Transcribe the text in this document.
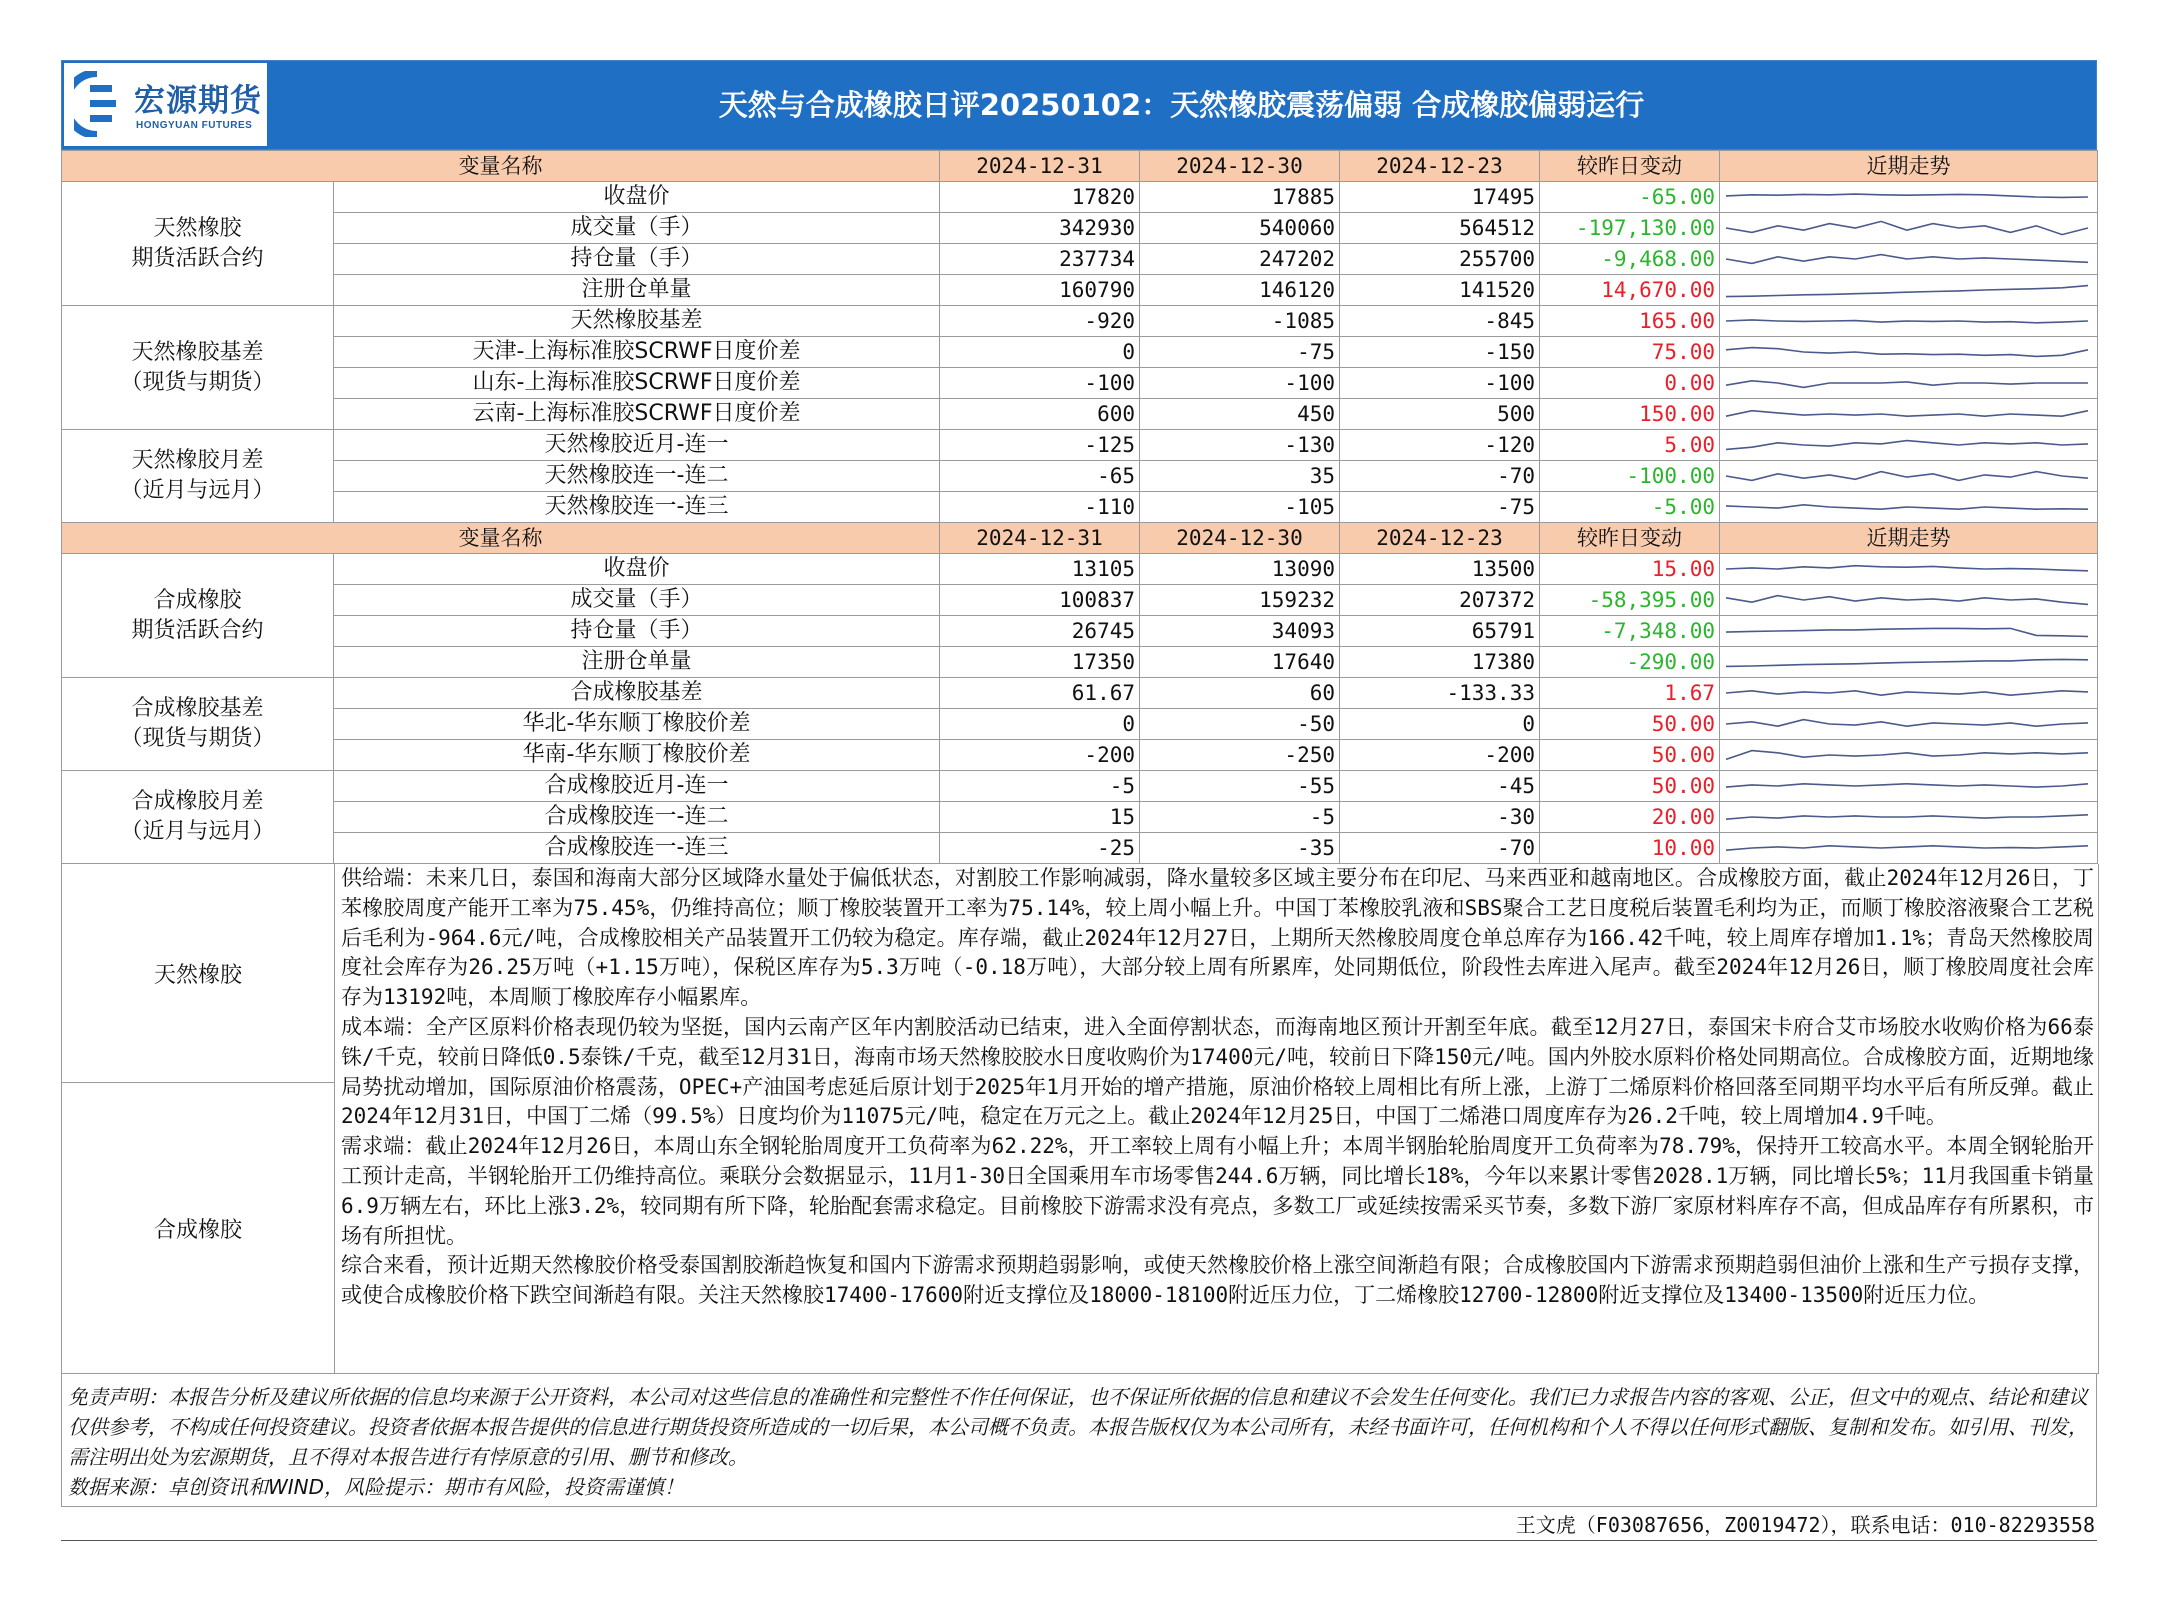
宏源期货
HONGYUAN FUTURES
天然与合成橡胶日评20250102：天然橡胶震荡偏弱 合成橡胶偏弱运行
变量名称		2024-12-31	2024-12-30	2024-12-23	较昨日变动	近期走势
天然橡胶
期货活跃合约	收盘价	17820	17885	17495	-65.00	

	成交量（手）	342930	540060	564512	-197,130.00	

	持仓量（手）	237734	247202	255700	-9,468.00	

	注册仓单量	160790	146120	141520	14,670.00	

天然橡胶基差
（现货与期货）	天然橡胶基差	-920	-1085	-845	165.00	

	天津-上海标准胶SCRWF日度价差	0	-75	-150	75.00	

	山东-上海标准胶SCRWF日度价差	-100	-100	-100	0.00	

	云南-上海标准胶SCRWF日度价差	600	450	500	150.00	

天然橡胶月差
（近月与远月）	天然橡胶近月-连一	-125	-130	-120	5.00	

	天然橡胶连一-连二	-65	35	-70	-100.00	

	天然橡胶连一-连三	-110	-105	-75	-5.00	

变量名称		2024-12-31	2024-12-30	2024-12-23	较昨日变动	近期走势
合成橡胶
期货活跃合约	收盘价	13105	13090	13500	15.00	

	成交量（手）	100837	159232	207372	-58,395.00	

	持仓量（手）	26745	34093	65791	-7,348.00	

	注册仓单量	17350	17640	17380	-290.00	

合成橡胶基差
（现货与期货）	合成橡胶基差	61.67	60	-133.33	1.67	

	华北-华东顺丁橡胶价差	0	-50	0	50.00	

	华南-华东顺丁橡胶价差	-200	-250	-200	50.00	

合成橡胶月差
（近月与远月）	合成橡胶近月-连一	-5	-55	-45	50.00	

	合成橡胶连一-连二	15	-5	-30	20.00	

	合成橡胶连一-连三	-25	-35	-70	10.00	
天然橡胶
合成橡胶

供给端：未来几日，泰国和海南大部分区域降水量处于偏低状态，对割胶工作影响减弱，降水量较多区域主要分布在印尼、马来西亚和越南地区。合成橡胶方面，截止2024年12月26日，丁苯橡胶周度产能开工率为75.45%，仍维持高位；顺丁橡胶装置开工率为75.14%，较上周小幅上升。中国丁苯橡胶乳液和SBS聚合工艺日度税后装置毛利均为正，而顺丁橡胶溶液聚合工艺税后毛利为-964.6元/吨，合成橡胶相关产品装置开工仍较为稳定。库存端，截止2024年12月27日，上期所天然橡胶周度仓单总库存为166.42千吨，较上周库存增加1.1%；青岛天然橡胶周度社会库存为26.25万吨（+1.15万吨），保税区库存为5.3万吨（-0.18万吨），大部分较上周有所累库，处同期低位，阶段性去库进入尾声。截至2024年12月26日，顺丁橡胶周度社会库存为13192吨，本周顺丁橡胶库存小幅累库。

成本端：全产区原料价格表现仍较为坚挺，国内云南产区年内割胶活动已结束，进入全面停割状态，而海南地区预计开割至年底。截至12月27日，泰国宋卡府合艾市场胶水收购价格为66泰铢/千克，较前日降低0.5泰铢/千克，截至12月31日，海南市场天然橡胶胶水日度收购价为17400元/吨，较前日下降150元/吨。国内外胶水原料价格处同期高位。合成橡胶方面，近期地缘局势扰动增加，国际原油价格震荡，OPEC+产油国考虑延后原计划于2025年1月开始的增产措施，原油价格较上周相比有所上涨，上游丁二烯原料价格回落至同期平均水平后有所反弹。截止2024年12月31日，中国丁二烯（99.5%）日度均价为11075元/吨，稳定在万元之上。截止2024年12月25日，中国丁二烯港口周度库存为26.2千吨，较上周增加4.9千吨。

需求端：截止2024年12月26日，本周山东全钢轮胎周度开工负荷率为62.22%，开工率较上周有小幅上升；本周半钢胎轮胎周度开工负荷率为78.79%，保持开工较高水平。本周全钢轮胎开工预计走高，半钢轮胎开工仍维持高位。乘联分会数据显示，11月1-30日全国乘用车市场零售244.6万辆，同比增长18%，今年以来累计零售2028.1万辆，同比增长5%；11月我国重卡销量6.9万辆左右，环比上涨3.2%，较同期有所下降，轮胎配套需求稳定。目前橡胶下游需求没有亮点，多数工厂或延续按需采买节奏，多数下游厂家原材料库存不高，但成品库存有所累积，市场有所担忧。

综合来看，预计近期天然橡胶价格受泰国割胶渐趋恢复和国内下游需求预期趋弱影响，或使天然橡胶价格上涨空间渐趋有限；合成橡胶国内下游需求预期趋弱但油价上涨和生产亏损存支撑，或使合成橡胶价格下跌空间渐趋有限。关注天然橡胶17400-17600附近支撑位及18000-18100附近压力位，丁二烯橡胶12700-12800附近支撑位及13400-13500附近压力位。

免责声明：本报告分析及建议所依据的信息均来源于公开资料，本公司对这些信息的准确性和完整性不作任何保证，也不保证所依据的信息和建议不会发生任何变化。我们已力求报告内容的客观、公正，但文中的观点、结论和建议仅供参考，不构成任何投资建议。投资者依据本报告提供的信息进行期货投资所造成的一切后果，本公司概不负责。本报告版权仅为本公司所有，未经书面许可，任何机构和个人不得以任何形式翻版、复制和发布。如引用、刊发，需注明出处为宏源期货，且不得对本报告进行有悖原意的引用、删节和修改。

数据来源：卓创资讯和WIND，风险提示：期市有风险，投资需谨慎！

王文虎（F03087656，Z0019472），联系电话：010-82293558
